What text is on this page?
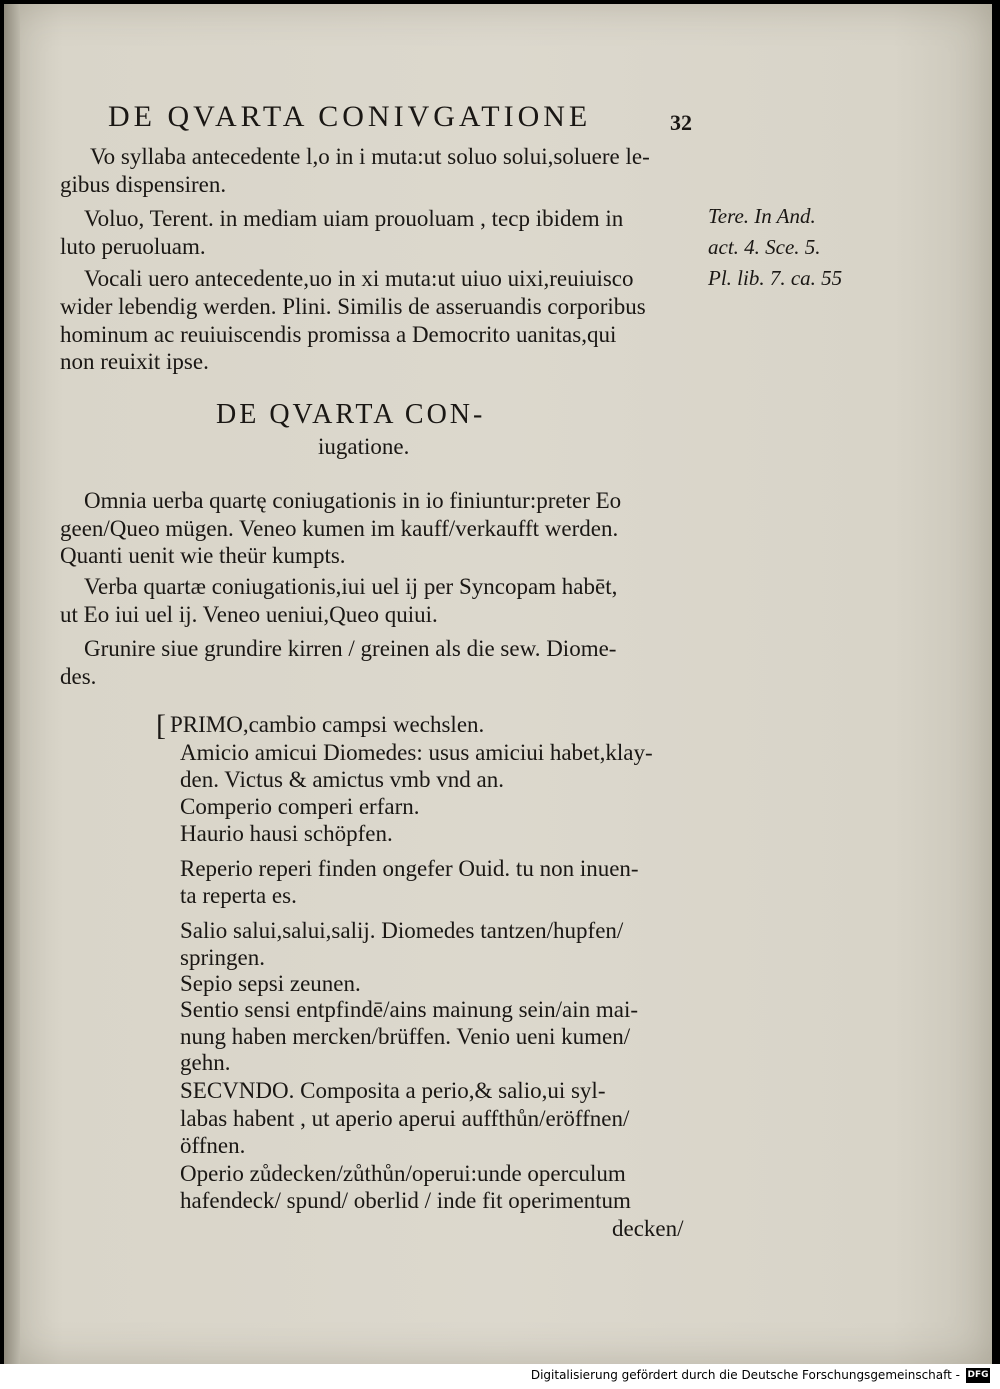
DE QVARTA CONIVGATIONE	32
Vo syllaba antecedente l,o in i muta:ut soluo solui,soluere le-
gibus dispensiren.
Voluo, Terent. in mediam uiam prouoluam , tecp ibidem in
luto peruoluam.
Tere. In And.
act. 4. Sce. 5.
Pl. lib. 7. ca. 55
Vocali uero antecedente,uo in xi muta:ut uiuo uixi,reuiuisco
wider lebendig werden. Plini. Similis de asseruandis corporibus
hominum ac reuiuiscendis promissa a Democrito uanitas,qui
non reuixit ipse.
DE QVARTA CON-
iugatione.
Omnia uerba quartę coniugationis in io finiuntur:preter Eo
geen/Queo mügen. Veneo kumen im kauff/verkaufft werden.
Quanti uenit wie theür kumpts.
Verba quartæ coniugationis,iui uel ij per Syncopam habēt,
ut Eo iui uel ij. Veneo ueniui,Queo quiui.
Grunire siue grundire kirren / greinen als die sew. Diome-
des.
[ PRIMO,cambio campsi wechslen.
Amicio amicui Diomedes: usus amiciui habet,klay-
den. Victus & amictus vmb vnd an.
Comperio comperi erfarn.
Haurio hausi schöpfen.
Reperio reperi finden ongefer Ouid. tu non inuen-
ta reperta es.
Salio salui,salui,salij. Diomedes tantzen/hupfen/
springen.
Sepio sepsi zeunen.
Sentio sensi entpfindē/ains mainung sein/ain mai-
nung haben mercken/brüffen. Venio ueni kumen/
gehn.
SECVNDO. Composita a perio,& salio,ui syl-
labas habent , ut aperio aperui auffthůn/eröffnen/
öffnen.
Operio zůdecken/zůthůn/operui:unde operculum
hafendeck/ spund/ oberlid / inde fit operimentum
decken/
Digitalisierung gefördert durch die Deutsche Forschungsgemeinschaft - DFG
